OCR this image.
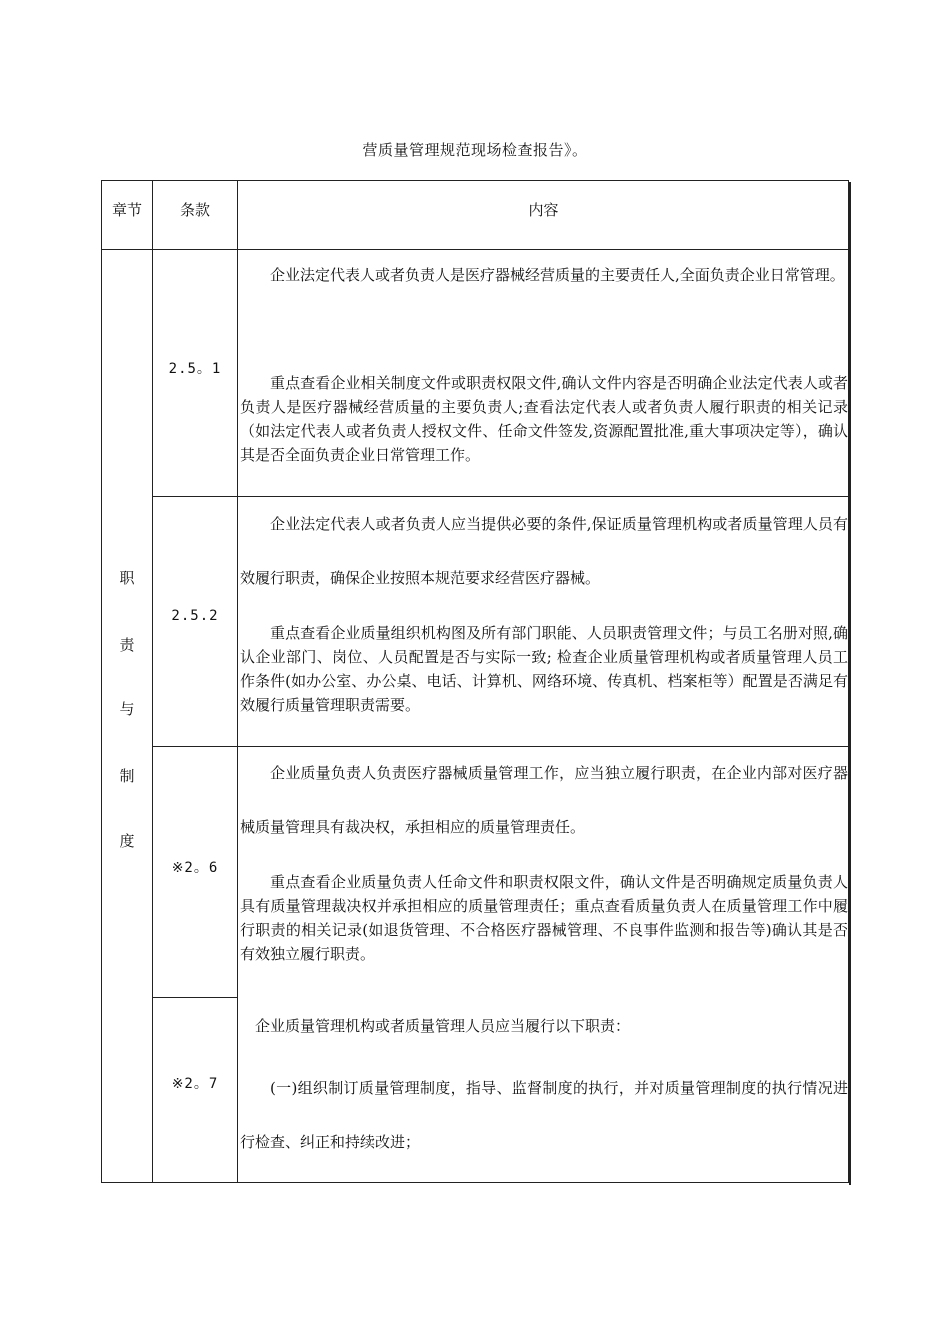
营质量管理规范现场检查报告》。
章节	条款	内容
职
责
与
制
度
2.5。1
2.5.2
※2。6
※2。7
企业法定代表人或者负责人是医疗器械经营质量的主要责任人,全面负责企业日常管理。
重点查看企业相关制度文件或职责权限文件,确认文件内容是否明确企业法定代表人或者负责人是医疗器械经营质量的主要负责人;查看法定代表人或者负责人履行职责的相关记录（如法定代表人或者负责人授权文件、任命文件签发,资源配置批准,重大事项决定等），确认其是否全面负责企业日常管理工作。
企业法定代表人或者负责人应当提供必要的条件,保证质量管理机构或者质量管理人员有效履行职责，确保企业按照本规范要求经营医疗器械。
重点查看企业质量组织机构图及所有部门职能、人员职责管理文件；与员工名册对照,确认企业部门、岗位、人员配置是否与实际一致; 检查企业质量管理机构或者质量管理人员工作条件(如办公室、办公桌、电话、计算机、网络环境、传真机、档案柜等）配置是否满足有效履行质量管理职责需要。
企业质量负责人负责医疗器械质量管理工作，应当独立履行职责，在企业内部对医疗器械质量管理具有裁决权，承担相应的质量管理责任。
重点查看企业质量负责人任命文件和职责权限文件，确认文件是否明确规定质量负责人具有质量管理裁决权并承担相应的质量管理责任；重点查看质量负责人在质量管理工作中履行职责的相关记录(如退货管理、不合格医疗器械管理、不良事件监测和报告等)确认其是否有效独立履行职责。
企业质量管理机构或者质量管理人员应当履行以下职责：
(一)组织制订质量管理制度，指导、监督制度的执行，并对质量管理制度的执行情况进行检查、纠正和持续改进；
